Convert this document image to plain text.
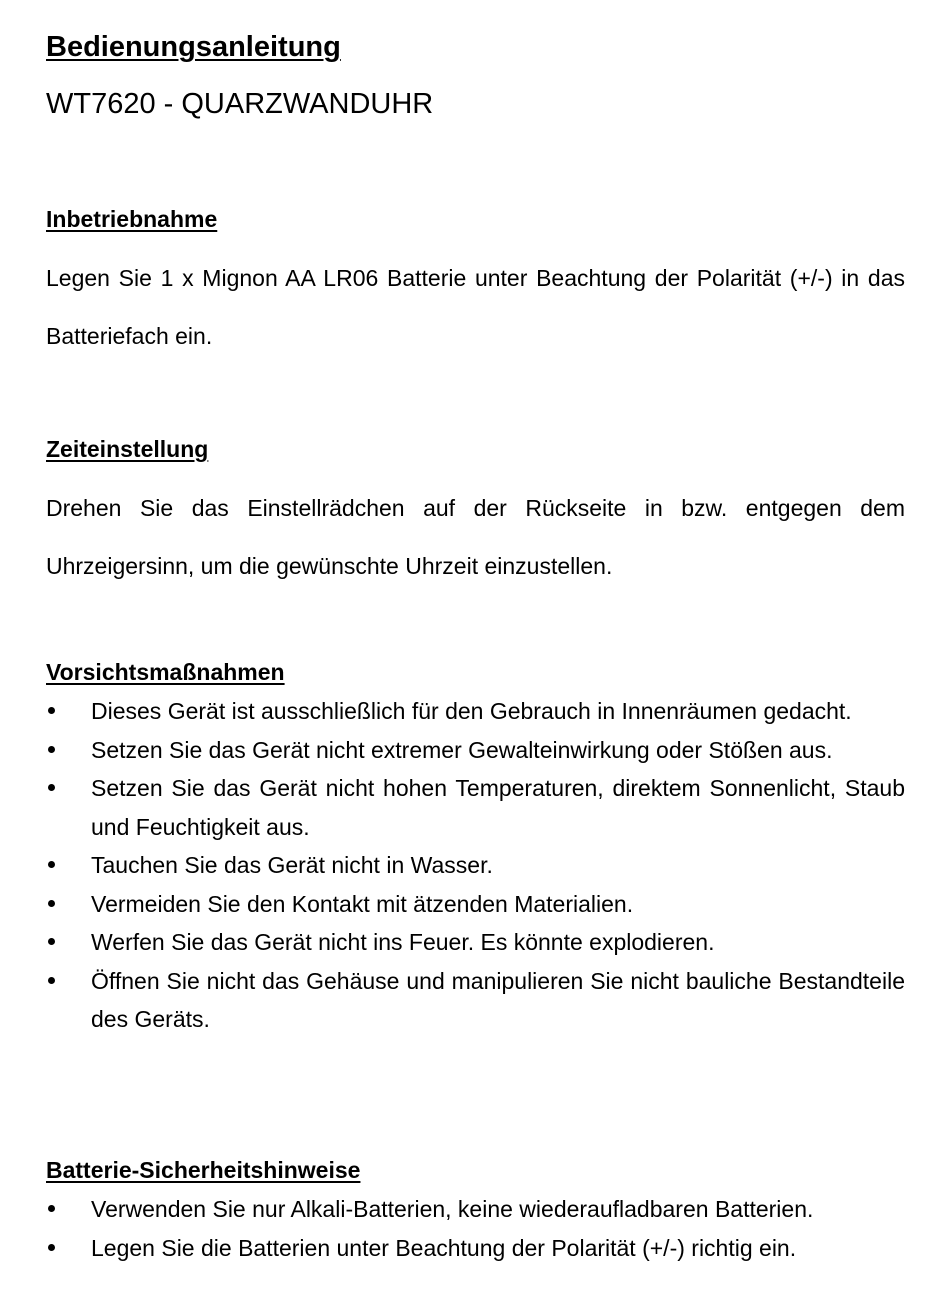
Bedienungsanleitung
WT7620 - QUARZWANDUHR
Inbetriebnahme

Legen Sie 1 x Mignon AA LR06 Batterie unter Beachtung der Polarität (+/-) in das Batteriefach ein.

Zeiteinstellung

Drehen Sie das Einstellrädchen auf der Rückseite in bzw. entgegen dem Uhrzeigersinn, um die gewünschte Uhrzeit einzustellen.

Vorsichtsmaßnahmen
Dieses Gerät ist ausschließlich für den Gebrauch in Innenräumen gedacht.
Setzen Sie das Gerät nicht extremer Gewalteinwirkung oder Stößen aus.
Setzen Sie das Gerät nicht hohen Temperaturen, direktem Sonnenlicht, Staub und Feuchtigkeit aus.
Tauchen Sie das Gerät nicht in Wasser.
Vermeiden Sie den Kontakt mit ätzenden Materialien.
Werfen Sie das Gerät nicht ins Feuer. Es könnte explodieren.
Öffnen Sie nicht das Gehäuse und manipulieren Sie nicht bauliche Bestandteile des Geräts.
Batterie-Sicherheitshinweise
Verwenden Sie nur Alkali-Batterien, keine wiederaufladbaren Batterien.
Legen Sie die Batterien unter Beachtung der Polarität (+/-) richtig ein.
